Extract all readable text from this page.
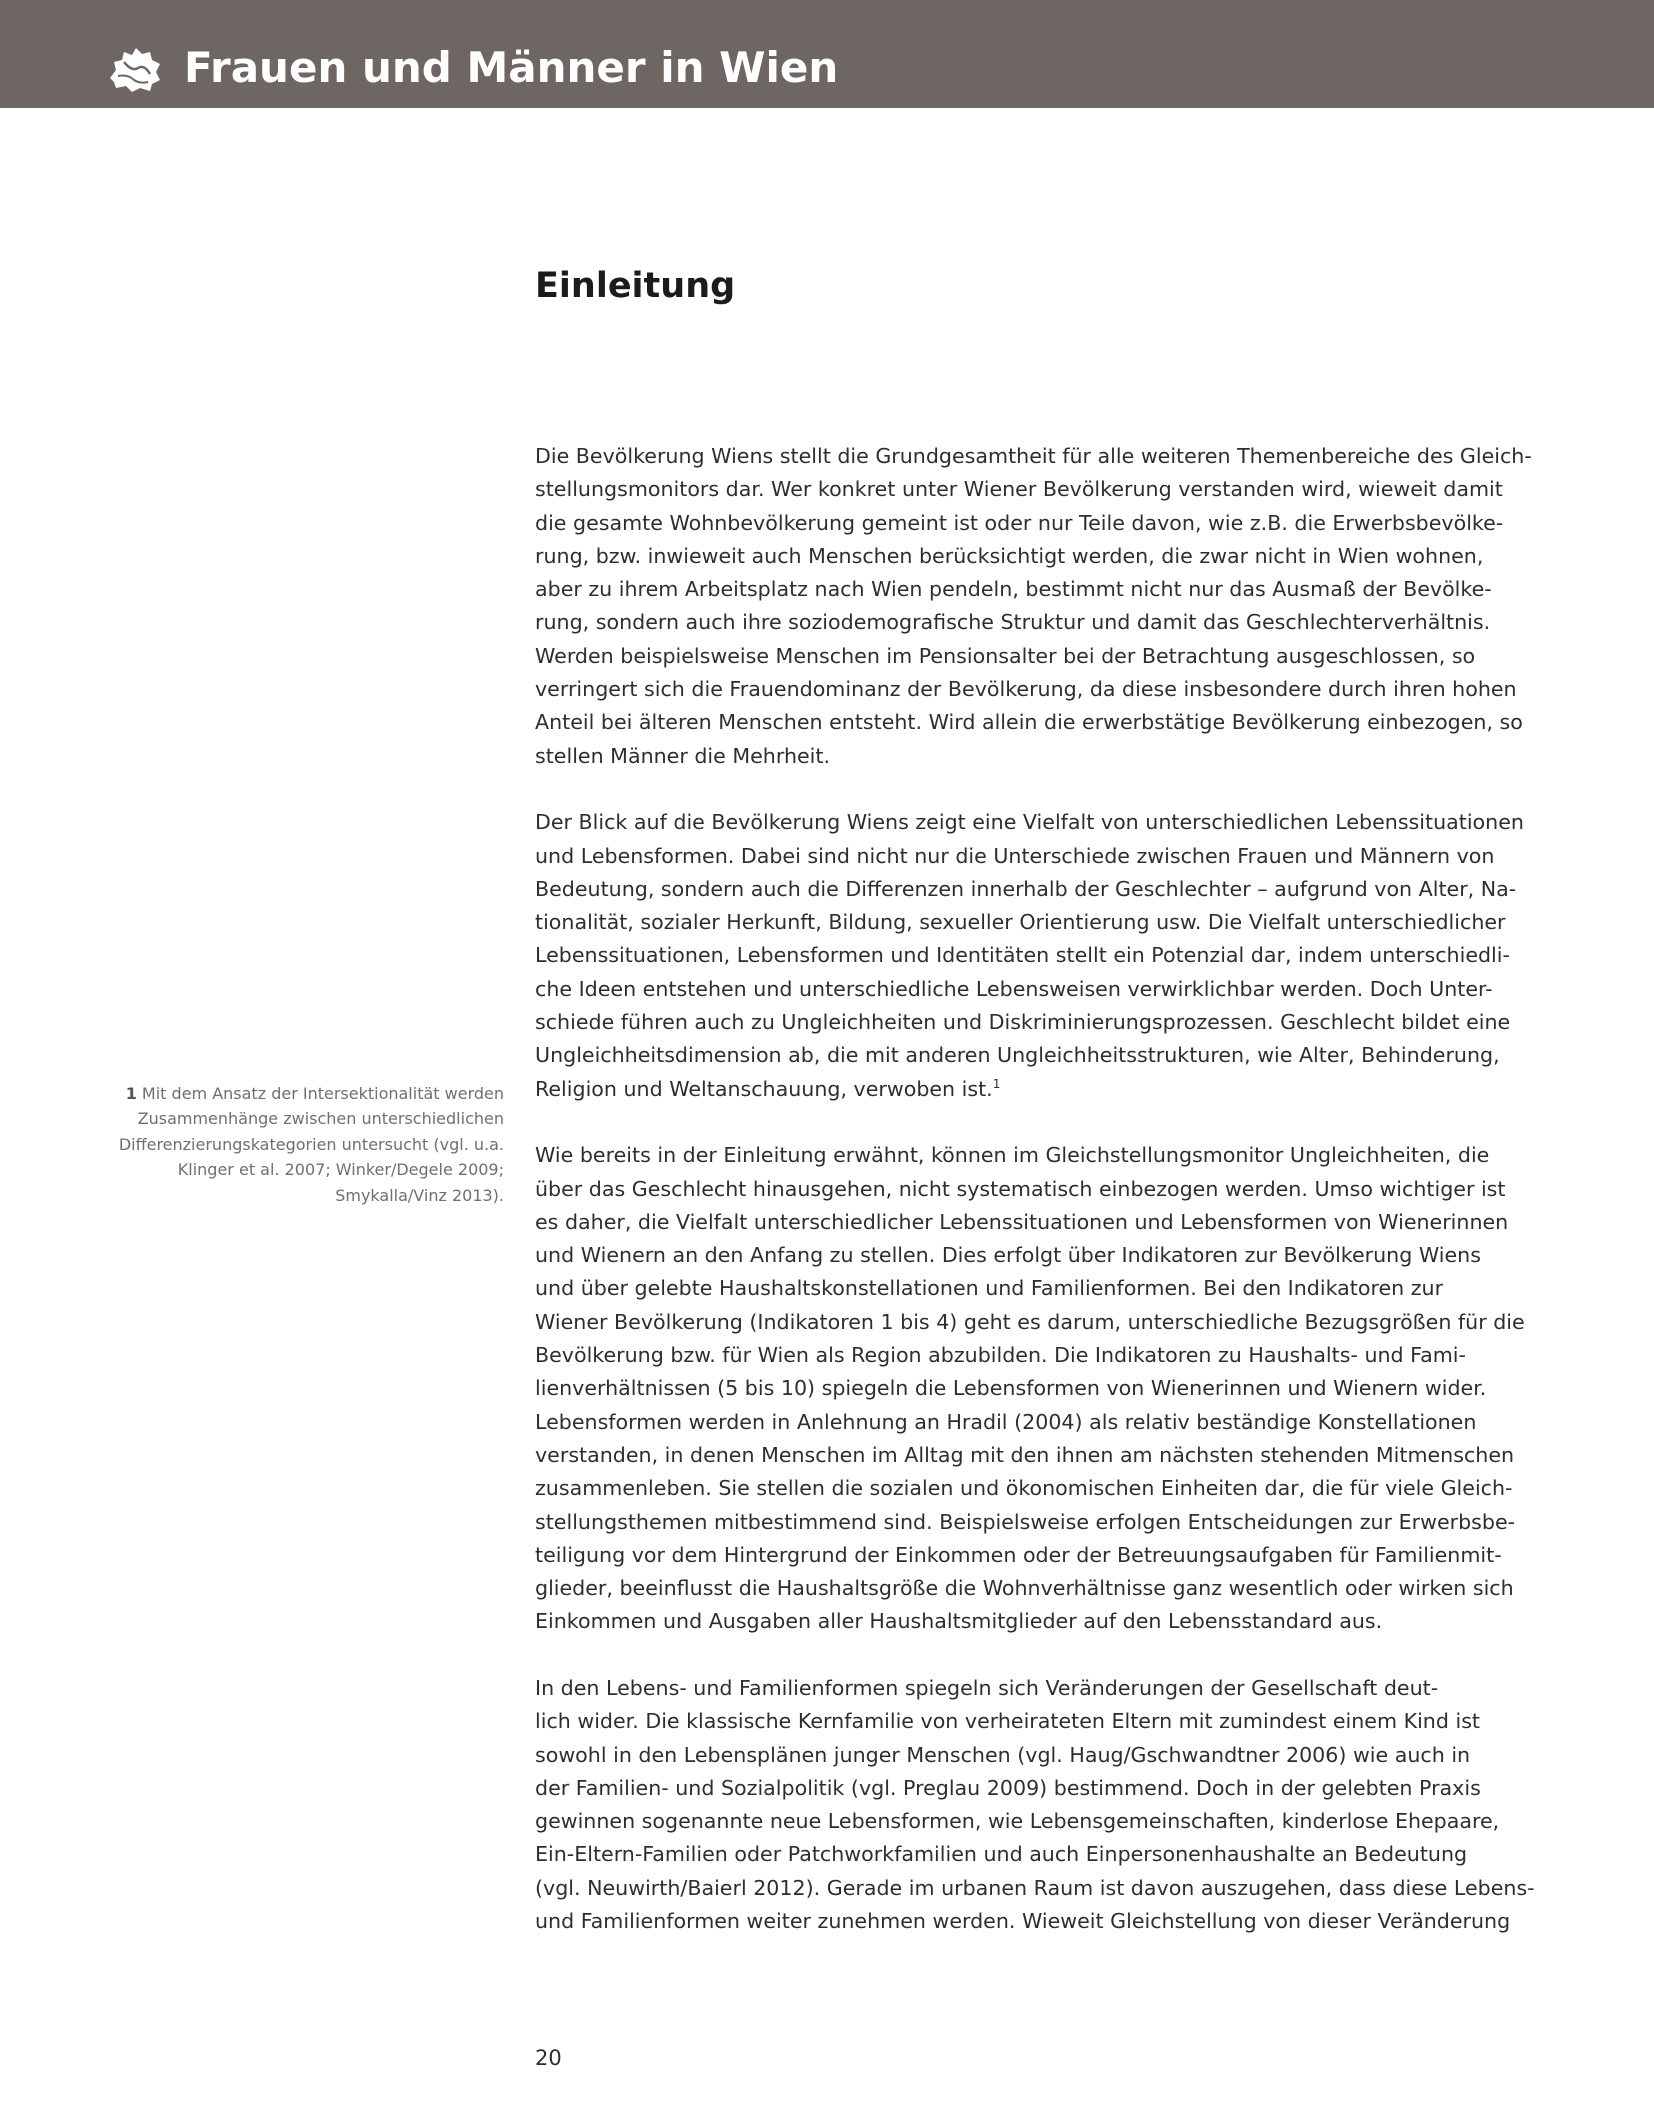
Frauen und Männer in Wien
Einleitung

Die Bevölkerung Wiens stellt die Grundgesamtheit für alle weiteren Themenbereiche des Gleich-
stellungsmonitors dar. Wer konkret unter Wiener Bevölkerung verstanden wird, wieweit damit
die gesamte Wohnbevölkerung gemeint ist oder nur Teile davon, wie z.B. die Erwerbsbevölke-
rung, bzw. inwieweit auch Menschen berücksichtigt werden, die zwar nicht in Wien wohnen,
aber zu ihrem Arbeitsplatz nach Wien pendeln, bestimmt nicht nur das Ausmaß der Bevölke-
rung, sondern auch ihre soziodemografische Struktur und damit das Geschlechterverhältnis.
Werden beispielsweise Menschen im Pensionsalter bei der Betrachtung ausgeschlossen, so
verringert sich die Frauendominanz der Bevölkerung, da diese insbesondere durch ihren hohen
Anteil bei älteren Menschen entsteht. Wird allein die erwerbstätige Bevölkerung einbezogen, so
stellen Männer die Mehrheit.

Der Blick auf die Bevölkerung Wiens zeigt eine Vielfalt von unterschiedlichen Lebenssituationen
und Lebensformen. Dabei sind nicht nur die Unterschiede zwischen Frauen und Männern von
Bedeutung, sondern auch die Differenzen innerhalb der Geschlechter – aufgrund von Alter, Na-
tionalität, sozialer Herkunft, Bildung, sexueller Orientierung usw. Die Vielfalt unterschiedlicher
Lebenssituationen, Lebensformen und Identitäten stellt ein Potenzial dar, indem unterschiedli-
che Ideen entstehen und unterschiedliche Lebensweisen verwirklichbar werden. Doch Unter-
schiede führen auch zu Ungleichheiten und Diskriminierungsprozessen. Geschlecht bildet eine
Ungleichheitsdimension ab, die mit anderen Ungleichheitsstrukturen, wie Alter, Behinderung,
Religion und Weltanschauung, verwoben ist.$^1$

Wie bereits in der Einleitung erwähnt, können im Gleichstellungsmonitor Ungleichheiten, die
über das Geschlecht hinausgehen, nicht systematisch einbezogen werden. Umso wichtiger ist
es daher, die Vielfalt unterschiedlicher Lebenssituationen und Lebensformen von Wienerinnen
und Wienern an den Anfang zu stellen. Dies erfolgt über Indikatoren zur Bevölkerung Wiens
und über gelebte Haushaltskonstellationen und Familienformen. Bei den Indikatoren zur
Wiener Bevölkerung (Indikatoren 1 bis 4) geht es darum, unterschiedliche Bezugsgrößen für die
Bevölkerung bzw. für Wien als Region abzubilden. Die Indikatoren zu Haushalts- und Fami-
lienverhältnissen (5 bis 10) spiegeln die Lebensformen von Wienerinnen und Wienern wider.
Lebensformen werden in Anlehnung an Hradil (2004) als relativ beständige Konstellationen
verstanden, in denen Menschen im Alltag mit den ihnen am nächsten stehenden Mitmenschen
zusammenleben. Sie stellen die sozialen und ökonomischen Einheiten dar, die für viele Gleich-
stellungsthemen mitbestimmend sind. Beispielsweise erfolgen Entscheidungen zur Erwerbsbe-
teiligung vor dem Hintergrund der Einkommen oder der Betreuungsaufgaben für Familienmit-
glieder, beeinflusst die Haushaltsgröße die Wohnverhältnisse ganz wesentlich oder wirken sich
Einkommen und Ausgaben aller Haushaltsmitglieder auf den Lebensstandard aus.

In den Lebens- und Familienformen spiegeln sich Veränderungen der Gesellschaft deut-
lich wider. Die klassische Kernfamilie von verheirateten Eltern mit zumindest einem Kind ist
sowohl in den Lebensplänen junger Menschen (vgl. Haug/Gschwandtner 2006) wie auch in
der Familien- und Sozialpolitik (vgl. Preglau 2009) bestimmend. Doch in der gelebten Praxis
gewinnen sogenannte neue Lebensformen, wie Lebensgemeinschaften, kinderlose Ehepaare,
Ein-Eltern-Familien oder Patchworkfamilien und auch Einpersonenhaushalte an Bedeutung
(vgl. Neuwirth/Baierl 2012). Gerade im urbanen Raum ist davon auszugehen, dass diese Lebens-
und Familienformen weiter zunehmen werden. Wieweit Gleichstellung von dieser Veränderung

1 Mit dem Ansatz der Intersektionalität werden
Zusammenhänge zwischen unterschiedlichen
Differenzierungskategorien untersucht (vgl. u.a.
Klinger et al. 2007; Winker/Degele 2009;
Smykalla/Vinz 2013).
20
